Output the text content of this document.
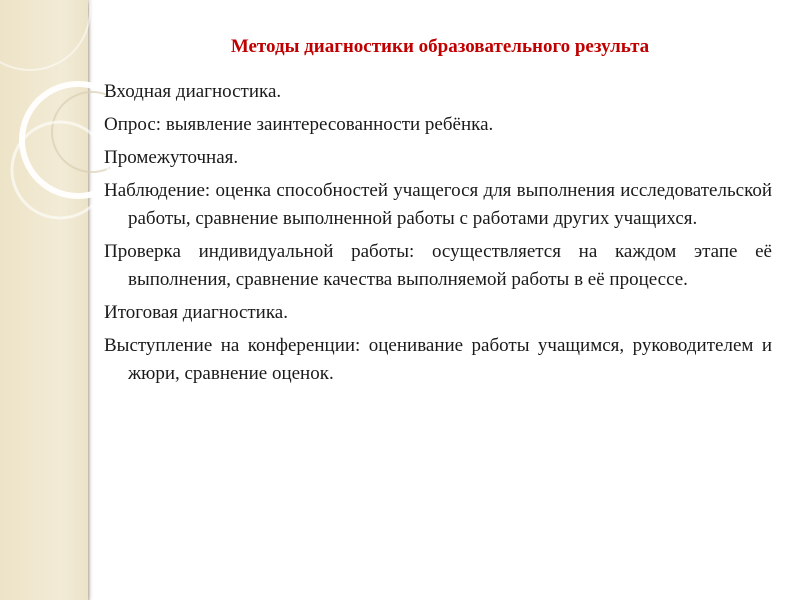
Методы диагностики образовательного результа
Входная диагностика.
Опрос: выявление заинтересованности ребёнка.
Промежуточная.
Наблюдение: оценка способностей учащегося для выполнения исследовательской работы, сравнение выполненной работы с работами других учащихся.
Проверка индивидуальной работы: осуществляется на каждом этапе её выполнения, сравнение качества выполняемой работы в её процессе.
Итоговая диагностика.
Выступление на конференции: оценивание работы учащимся, руководителем и жюри, сравнение оценок.
